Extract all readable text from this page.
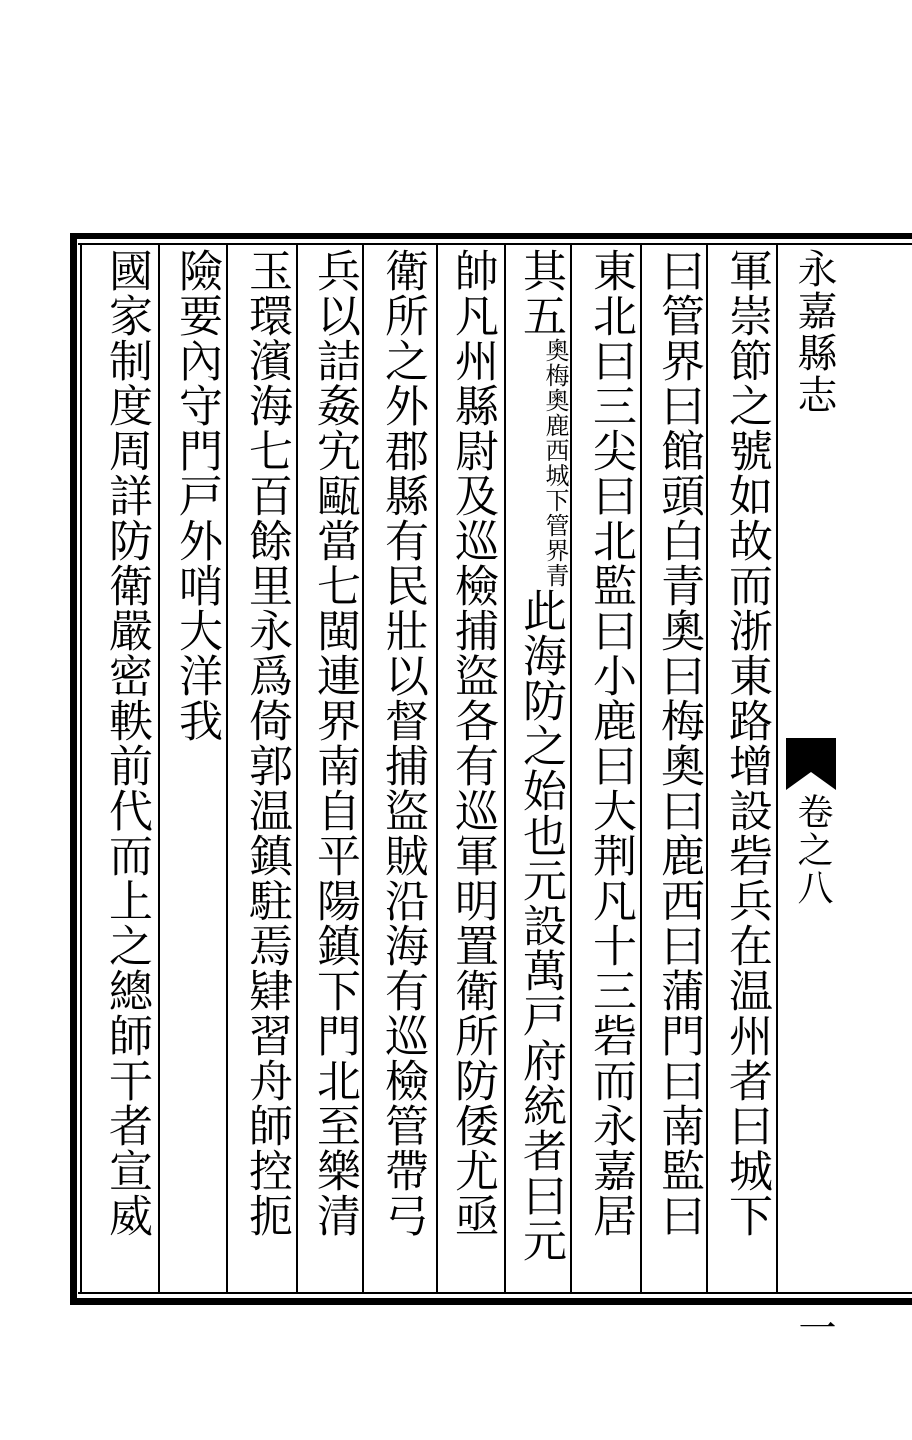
永嘉縣志
卷之八
一
軍崇節之號如故而浙東路增設砦兵在温州者曰城下
曰管界曰館頭白青奧曰梅奧曰鹿西曰蒲門曰南監曰
東北曰三尖曰北監曰小鹿曰大荆凡十三砦而永嘉居
其五
城下管界青
奧梅奧鹿西
此海防之始也元設萬戸府統者曰元
帥凡州縣尉及巡檢捕盜各有巡軍明置衛所防倭尤亟
衛所之外郡縣有民壯以督捕盜賊沿海有巡檢管帶弓
兵以詰姦宄甌當七閩連界南自平陽鎮下門北至樂清
玉環濱海七百餘里永爲倚郭温鎮駐焉肄習舟師控扼
險要內守門戸外哨大洋我
國家制度周詳防衛嚴密軼前代而上之總師干者宣威
